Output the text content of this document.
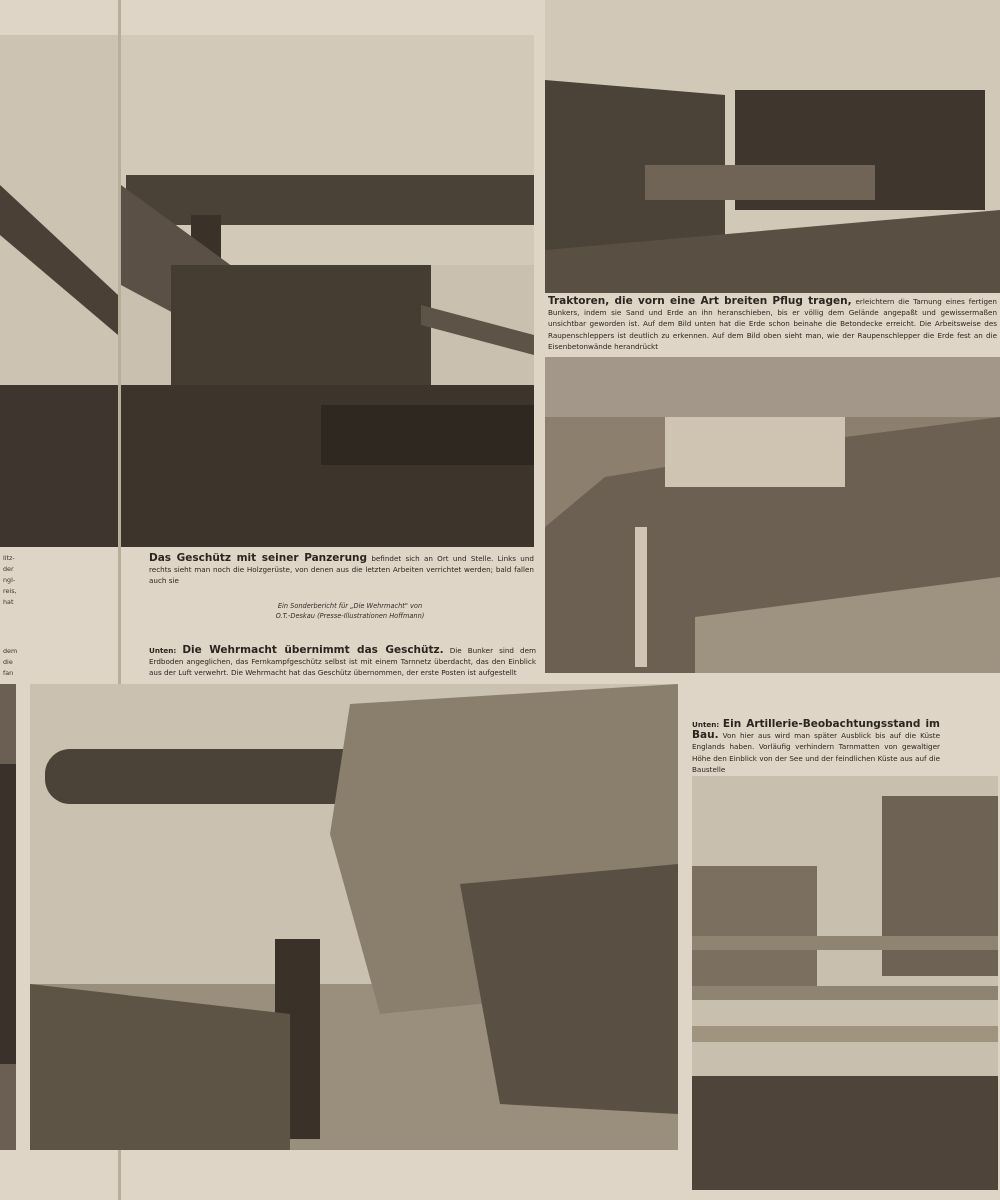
litz-
der
ngl-
reis,
hat
dem
die
fan
Traktoren, die vorn eine Art breiten Pflug tragen, erleichtern die Tarnung eines fertigen Bunkers, indem sie Sand und Erde an ihn heranschieben, bis er völlig dem Gelände angepaßt und gewissermaßen unsichtbar geworden ist. Auf dem Bild unten hat die Erde schon beinahe die Betondecke erreicht. Die Arbeitsweise des Raupenschleppers ist deutlich zu erkennen. Auf dem Bild oben sieht man, wie der Raupenschlepper die Erde fest an die Eisenbetonwände herandrückt
Das Geschütz mit seiner Panzerung befindet sich an Ort und Stelle. Links und rechts sieht man noch die Holzgerüste, von denen aus die letzten Arbeiten verrichtet werden; bald fallen auch sie
Ein Sonderbericht für „Die Wehrmacht" von
O.T.-Deskau (Presse-Illustrationen Hoffmann)
Unten: Die Wehrmacht übernimmt das Geschütz. Die Bunker sind dem Erdboden angeglichen, das Fernkampfgeschütz selbst ist mit einem Tarnnetz überdacht, das den Einblick aus der Luft verwehrt. Die Wehrmacht hat das Geschütz übernommen, der erste Posten ist aufgestellt
Unten: Ein Artillerie-Beobachtungsstand im Bau. Von hier aus wird man später Ausblick bis auf die Küste Englands haben. Vorläufig verhindern Tarnmatten von gewaltiger Höhe den Einblick von der See und der feindlichen Küste aus auf die Baustelle
